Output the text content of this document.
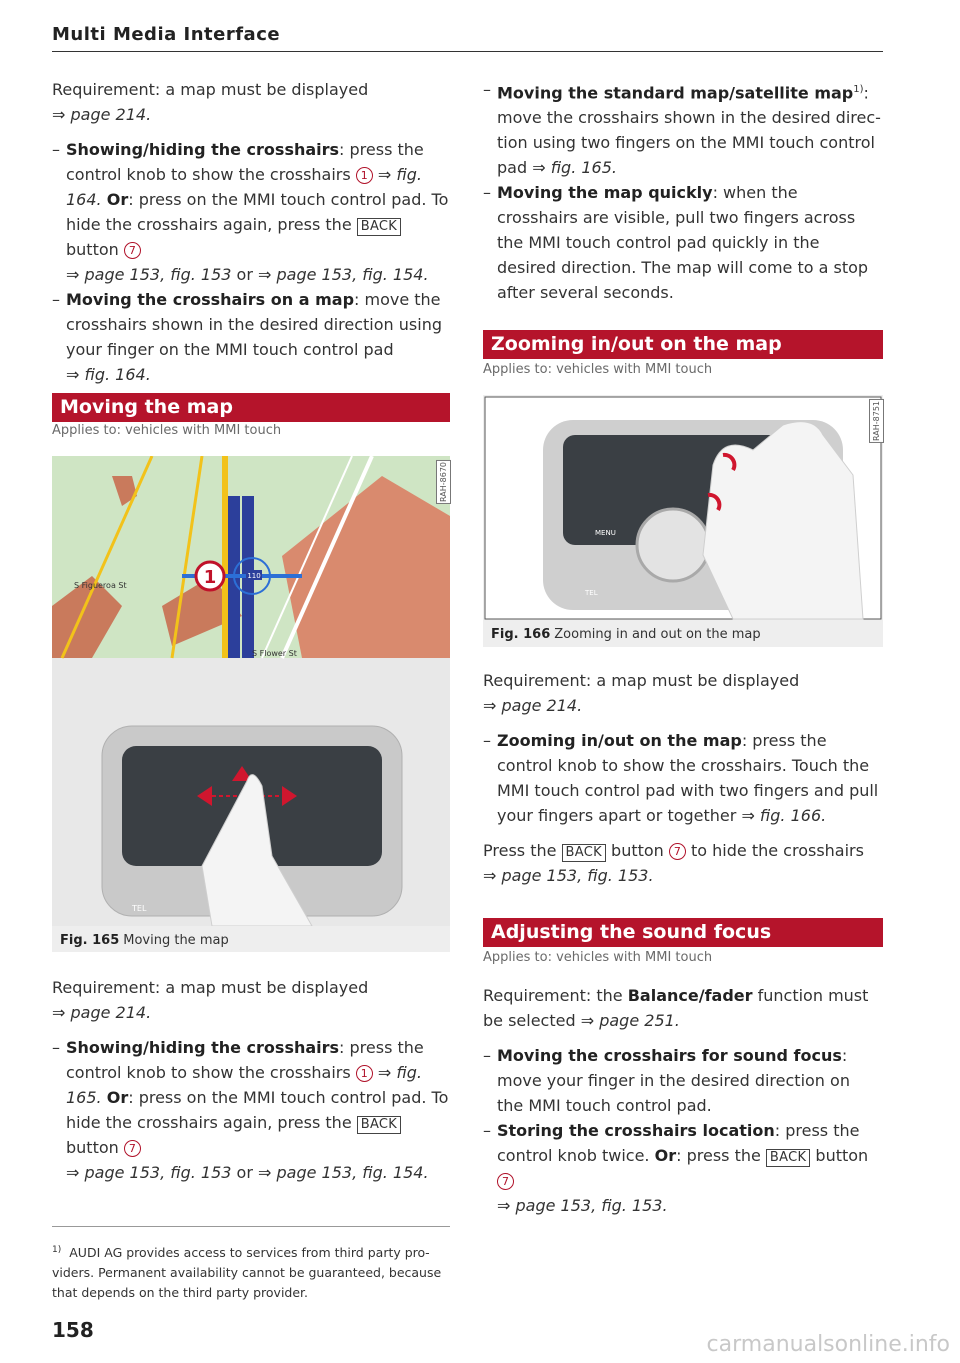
Multi Media Interface

Requirement: a map must be displayed
⇒ page 214.

– Showing/hiding the crosshairs: press the control knob to show the crosshairs 1 ⇒ fig. 164. Or: press on the MMI touch control pad. To hide the crosshairs again, press the BACK button 7
⇒ page 153, fig. 153 or ⇒ page 153, fig. 154.
– Moving the crosshairs on a map: move the crosshairs shown in the desired direction using your finger on the MMI touch control pad
⇒ fig. 164.
Moving the map
Applies to: vehicles with MMI touch
1
S Figueroa St
S Flower St
110
TEL
RAH-8670
Fig. 165 Moving the map

Requirement: a map must be displayed
⇒ page 214.

– Showing/hiding the crosshairs: press the control knob to show the crosshairs 1 ⇒ fig. 165. Or: press on the MMI touch control pad. To hide the crosshairs again, press the BACK button 7
⇒ page 153, fig. 153 or ⇒ page 153, fig. 154.
$^{1)}$ AUDI AG provides access to services from third party providers. Permanent availability cannot be guaranteed, because that depends on the third party provider.
158
– Moving the standard map/satellite map$^{1)}$: move the crosshairs shown in the desired direction using two fingers on the MMI touch control pad ⇒ fig. 165.
– Moving the map quickly: when the crosshairs are visible, pull two fingers across the MMI touch control pad quickly in the desired direction. The map will come to a stop after several seconds.
Zooming in/out on the map
Applies to: vehicles with MMI touch
MENU
TEL
RAH-8751
Fig. 166 Zooming in and out on the map

Requirement: a map must be displayed
⇒ page 214.

– Zooming in/out on the map: press the control knob to show the crosshairs. Touch the MMI touch control pad with two fingers and pull your fingers apart or together ⇒ fig. 166.

Press the BACK button 7 to hide the crosshairs
⇒ page 153, fig. 153.

Adjusting the sound focus
Applies to: vehicles with MMI touch

Requirement: the Balance/fader function must be selected ⇒ page 251.

– Moving the crosshairs for sound focus: move your finger in the desired direction on the MMI touch control pad.
– Storing the crosshairs location: press the control knob twice. Or: press the BACK button 7
⇒ page 153, fig. 153.
carmanualsonline.info
